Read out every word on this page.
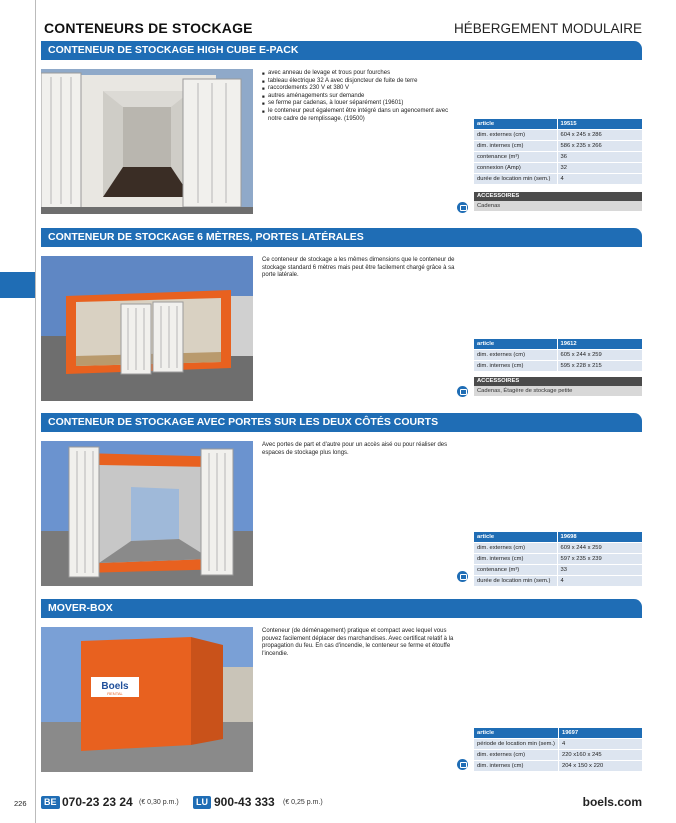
CONTENEURS DE STOCKAGE	HÉBERGEMENT MODULAIRE
CONTENEUR DE STOCKAGE HIGH CUBE E-PACK
■ avec anneau de levage et trous pour fourches
■ tableau électrique 32 A avec disjoncteur de fuite de terre
■ raccordements 230 V et 380 V
■ autres aménagements sur demande
■ se ferme par cadenas, à louer séparément (19601)
■ le conteneur peut également être intégré dans un agencement avec notre cadre de remplissage. (19500)
article	19515
dim. externes (cm)	604 x 245 x 286
dim. internes (cm)	586 x 235 x 266
contenance (m³)	36
connexion (Amp)	32
durée de location min (sem.)	4
ACCESSOIRES
Cadenas
CONTENEUR DE STOCKAGE 6 MÈTRES, PORTES LATÉRALES
Ce conteneur de stockage a les mêmes dimensions que le conteneur de stockage standard 6 mètres mais peut être facilement chargé grâce à sa porte latérale.
article	19612
dim. externes (cm)	605 x 244 x 259
dim. internes (cm)	595 x 228 x 215
ACCESSOIRES
Cadenas, Étagère de stockage petite
CONTENEUR DE STOCKAGE AVEC PORTES SUR LES DEUX CÔTÉS COURTS
Avec portes de part et d'autre pour un accès aisé ou pour réaliser des espaces de stockage plus longs.
article	19698
dim. externes (cm)	609 x 244 x 259
dim. internes (cm)	597 x 235 x 239
contenance (m³)	33
durée de location min (sem.)	4
MOVER-BOX
Boels
RENTAL
Conteneur (de déménagement) pratique et compact avec lequel vous pouvez facilement déplacer des marchandises. Avec certificat relatif à la propagation du feu. En cas d'incendie, le conteneur se ferme et étouffe l'incendie.
article	19697
période de location min (sem.)	4
dim. externes (cm)	220 x160 x 245
dim. internes (cm)	204 x 150 x 220
226	BE 070-23 23 24 (€ 0,30 p.m.)	LU 900-43 333 (€ 0,25 p.m.)	boels.com
